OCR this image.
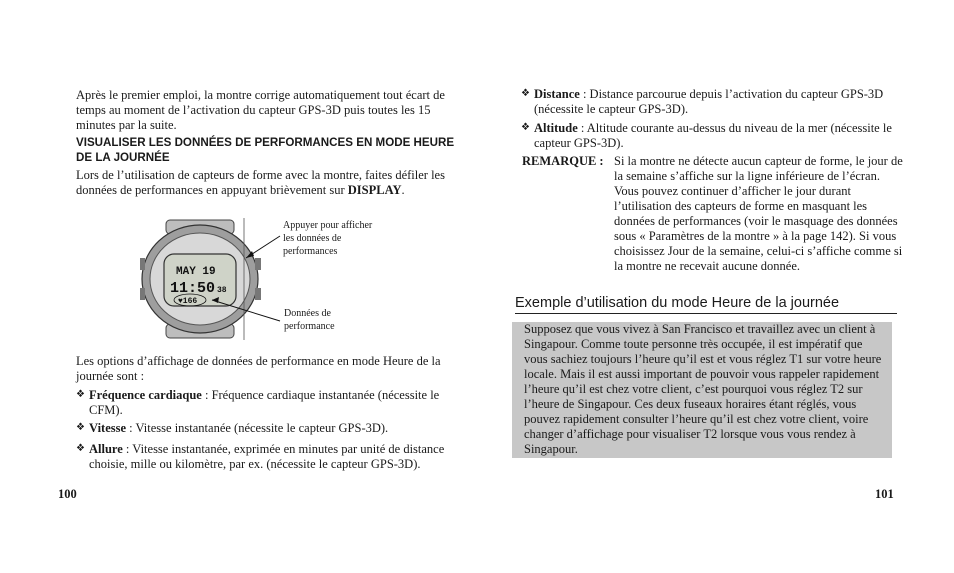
Après le premier emploi, la montre corrige automatiquement tout écart de temps au moment de l’activation du capteur GPS-3D puis toutes les 15 minutes par la suite.

VISUALISER LES DONNÉES DE PERFORMANCES EN MODE HEURE DE LA JOURNÉE

Lors de l’utilisation de capteurs de forme avec la montre, faites défiler les données de performances en appuyant brièvement sur DISPLAY.

MAY 19
11:50 38
♥166
Appuyer pour afficher les données de performances
Données de performance

Les options d’affichage de données de performance en mode Heure de la journée sont :

❖ Fréquence cardiaque : Fréquence cardiaque instantanée (nécessite le CFM).
❖ Vitesse : Vitesse instantanée (nécessite le capteur GPS-3D).
❖ Allure : Vitesse instantanée, exprimée en minutes par unité de distance choisie, mille ou kilomètre, par ex. (nécessite le capteur GPS-3D).
100
❖ Distance : Distance parcourue depuis l’activation du capteur GPS-3D (nécessite le capteur GPS-3D).
❖ Altitude : Altitude courante au-dessus du niveau de la mer (nécessite le capteur GPS-3D).
REMARQUE : Si la montre ne détecte aucun capteur de forme, le jour de la semaine s’affiche sur la ligne inférieure de l’écran. Vous pouvez continuer d’afficher le jour durant l’utilisation des capteurs de forme en masquant les données de performances (voir le masquage des données sous « Paramètres de la montre » à la page 142). Si vous choisissez Jour de la semaine, celui-ci s’affiche comme si la montre ne recevait aucune donnée.
Exemple d’utilisation du mode Heure de la journée
Supposez que vous vivez à San Francisco et travaillez avec un client à Singapour. Comme toute personne très occupée, il est impératif que vous sachiez toujours l’heure qu’il est et vous réglez T1 sur votre heure locale. Mais il est aussi important de pouvoir vous rappeler rapidement l’heure qu’il est chez votre client, c’est pourquoi vous réglez T2 sur l’heure de Singapour. Ces deux fuseaux horaires étant réglés, vous pouvez rapidement consulter l’heure qu’il est chez votre client, voire changer d’affichage pour visualiser T2 lorsque vous vous rendez à Singapour.
101
